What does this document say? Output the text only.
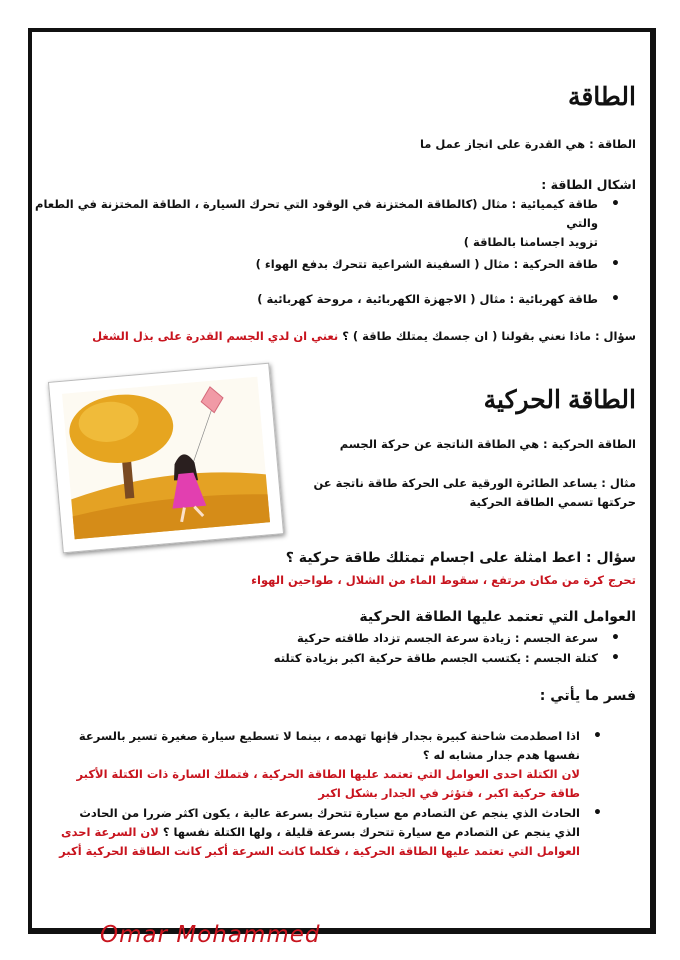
الطاقة
الطاقة : هي القدرة على انجاز عمل ما
اشكال الطاقة :
• طاقة كيميائية : مثال (كالطاقة المختزنة في الوقود التي تحرك السيارة ، الطاقة المختزنة في الطعام والتي
تزويد اجسامنا بالطاقة )
• طاقة الحركية : مثال ( السفينة الشراعية تتحرك بدفع الهواء )
• طاقة كهربائية : مثال ( الاجهزة الكهربائية ، مروحة كهربائية )
سؤال : ماذا نعني بقولنا ( ان جسمك يمتلك طاقة ) ؟ نعني ان لدي الجسم القدرة على بذل الشغل
الطاقة الحركية
الطاقة الحركية : هي الطاقة الناتجة عن حركة الجسم
مثال : يساعد الطائرة الورقية على الحركة طاقة ناتجة عن
حركتها تسمي الطاقة الحركية
سؤال : اعط امثلة على اجسام تمتلك طاقة حركية ؟
تحرج كرة من مكان مرتفع ، سقوط الماء من الشلال ، طواحين الهواء
العوامل التي تعتمد عليها الطاقة الحركية
• سرعة الجسم : زيادة سرعة الجسم تزداد طاقته حركية
• كتلة الجسم : يكتسب الجسم طاقة حركية اكبر بزيادة كتلته
فسر ما يأتي :
• اذا اصطدمت شاحنة كبيرة بجدار فإنها تهدمه ، بينما لا تسطيع سيارة صغيرة تسير بالسرعة
نفسها هدم جدار مشابه له ؟
لان الكتلة احدى العوامل التي تعتمد عليها الطاقة الحركية ، فتملك السارة ذات الكتلة الأكبر
طاقة حركية اكبر ، فتؤثر في الجدار بشكل اكبر
• الحادث الذي ينجم عن التصادم مع سيارة تتحرك بسرعة عالية ، يكون اكثر ضررا من الحادث
الذي ينجم عن التصادم مع سيارة تتحرك بسرعة قليلة ، ولها الكتلة نفسها ؟ لان السرعة احدى
العوامل التي تعتمد عليها الطاقة الحركية ، فكلما كانت السرعة أكبر كانت الطاقة الحركية أكبر
Omar Mohammed
